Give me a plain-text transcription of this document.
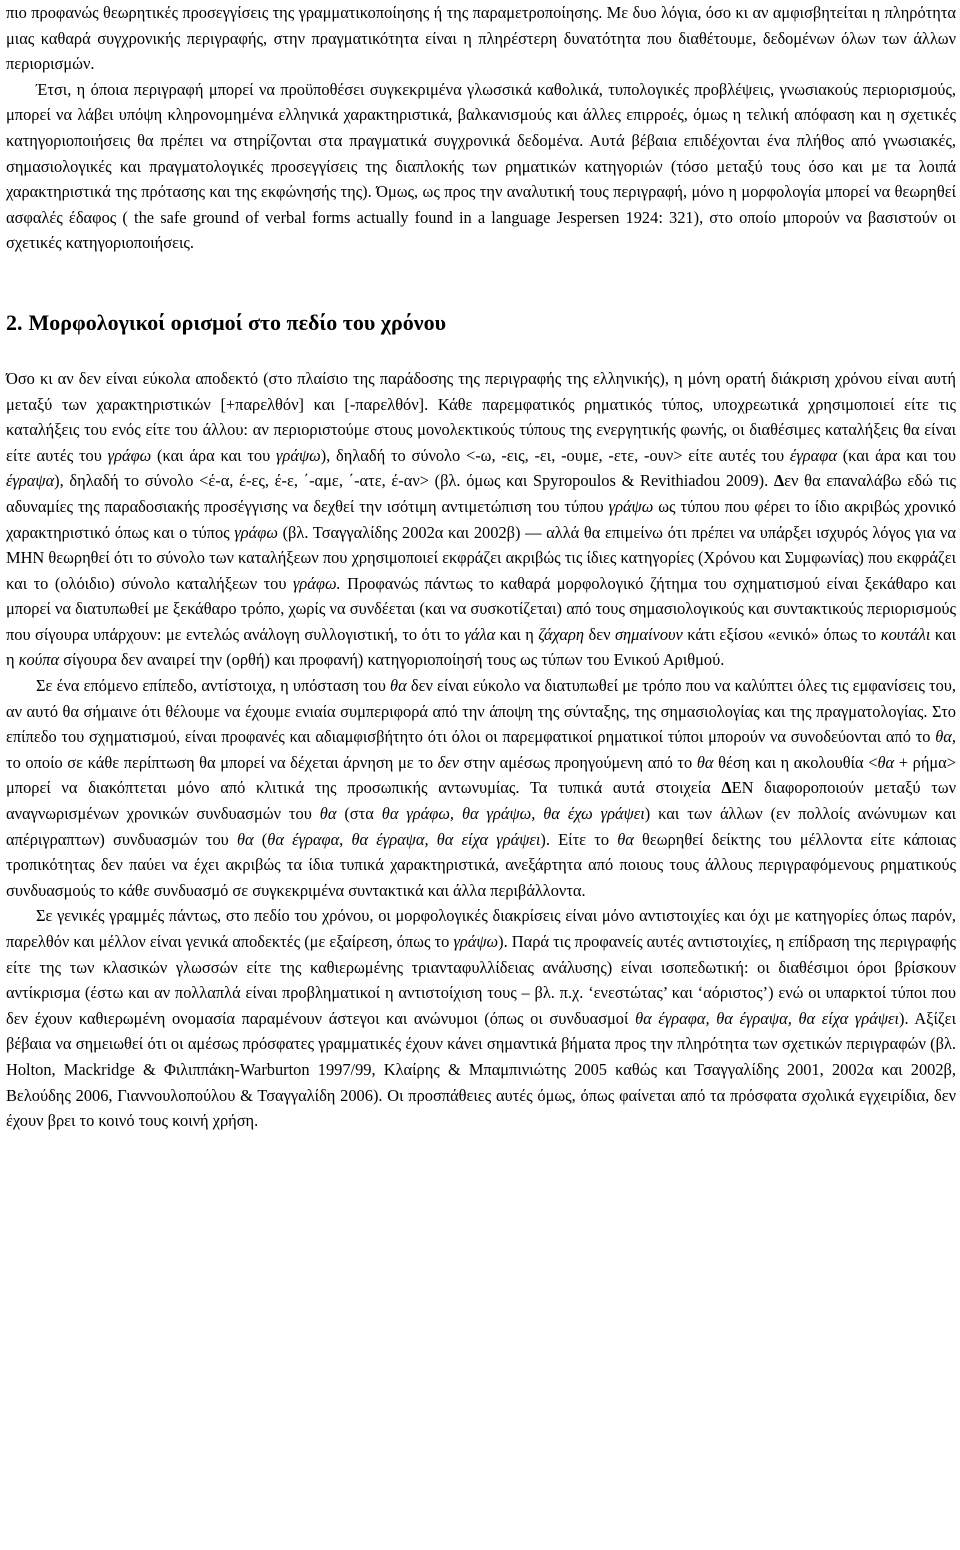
πιο προφανώς θεωρητικές προσεγγίσεις της γραμματικοποίησης ή της παραμετροποίησης. Με δυο λόγια, όσο κι αν αμφισβητείται η πληρότητα μιας καθαρά συγχρονικής περιγραφής, στην πραγματικότητα είναι η πληρέστερη δυνατότητα που διαθέτουμε, δεδομένων όλων των άλλων περιορισμών.

Έτσι, η όποια περιγραφή μπορεί να προϋποθέσει συγκεκριμένα γλωσσικά καθολικά, τυπολογικές προβλέψεις, γνωσιακούς περιορισμούς, μπορεί να λάβει υπόψη κληρονομημένα ελληνικά χαρακτηριστικά, βαλκανισμούς και άλλες επιρροές, όμως η τελική απόφαση και η σχετικές κατηγοριοποιήσεις θα πρέπει να στηρίζονται στα πραγματικά συγχρονικά δεδομένα. Αυτά βέβαια επιδέχονται ένα πλήθος από γνωσιακές, σημασιολογικές και πραγματολογικές προσεγγίσεις της διαπλοκής των ρηματικών κατηγοριών (τόσο μεταξύ τους όσο και με τα λοιπά χαρακτηριστικά της πρότασης και της εκφώνησής της). Όμως, ως προς την αναλυτική τους περιγραφή, μόνο η μορφολογία μπορεί να θεωρηθεί ασφαλές έδαφος ( the safe ground of verbal forms actually found in a language Jespersen 1924: 321), στο οποίο μπορούν να βασιστούν οι σχετικές κατηγοριοποιήσεις.

2. Μορφολογικοί ορισμοί στο πεδίο του χρόνου

Όσο κι αν δεν είναι εύκολα αποδεκτό (στο πλαίσιο της παράδοσης της περιγραφής της ελληνικής), η μόνη ορατή διάκριση χρόνου είναι αυτή μεταξύ των χαρακτηριστικών [+παρελθόν] και [-παρελθόν]. Κάθε παρεμφατικός ρηματικός τύπος, υποχρεωτικά χρησιμοποιεί είτε τις καταλήξεις του ενός είτε του άλλου: αν περιοριστούμε στους μονολεκτικούς τύπους της ενεργητικής φωνής, οι διαθέσιμες καταλήξεις θα είναι είτε αυτές του γράφω (και άρα και του γράψω), δηλαδή το σύνολο <-ω, -εις, -ει, -ουμε, -ετε, -ουν> είτε αυτές του έγραφα (και άρα και του έγραψα), δηλαδή το σύνολο <έ-α, έ-ες, έ-ε, ΄-αμε, ΄-ατε, έ-αν> (βλ. όμως και Spyropoulos & Revithiadou 2009). Δεν θα επαναλάβω εδώ τις αδυναμίες της παραδοσιακής προσέγγισης να δεχθεί την ισότιμη αντιμετώπιση του τύπου γράψω ως τύπου που φέρει το ίδιο ακριβώς χρονικό χαρακτηριστικό όπως και ο τύπος γράφω (βλ. Τσαγγαλίδης 2002α και 2002β) — αλλά θα επιμείνω ότι πρέπει να υπάρξει ισχυρός λόγος για να ΜΗΝ θεωρηθεί ότι το σύνολο των καταλήξεων που χρησιμοποιεί εκφράζει ακριβώς τις ίδιες κατηγορίες (Χρόνου και Συμφωνίας) που εκφράζει και το (ολόιδιο) σύνολο καταλήξεων του γράφω. Προφανώς πάντως το καθαρά μορφολογικό ζήτημα του σχηματισμού είναι ξεκάθαρο και μπορεί να διατυπωθεί με ξεκάθαρο τρόπο, χωρίς να συνδέεται (και να συσκοτίζεται) από τους σημασιολογικούς και συντακτικούς περιορισμούς που σίγουρα υπάρχουν: με εντελώς ανάλογη συλλογιστική, το ότι το γάλα και η ζάχαρη δεν σημαίνουν κάτι εξίσου «ενικό» όπως το κουτάλι και η κούπα σίγουρα δεν αναιρεί την (ορθή) και προφανή) κατηγοριοποίησή τους ως τύπων του Ενικού Αριθμού.

Σε ένα επόμενο επίπεδο, αντίστοιχα, η υπόσταση του θα δεν είναι εύκολο να διατυπωθεί με τρόπο που να καλύπτει όλες τις εμφανίσεις του, αν αυτό θα σήμαινε ότι θέλουμε να έχουμε ενιαία συμπεριφορά από την άποψη της σύνταξης, της σημασιολογίας και της πραγματολογίας. Στο επίπεδο του σχηματισμού, είναι προφανές και αδιαμφισβήτητο ότι όλοι οι παρεμφατικοί ρηματικοί τύποι μπορούν να συνοδεύονται από το θα, το οποίο σε κάθε περίπτωση θα μπορεί να δέχεται άρνηση με το δεν στην αμέσως προηγούμενη από το θα θέση και η ακολουθία <θα + ρήμα> μπορεί να διακόπτεται μόνο από κλιτικά της προσωπικής αντωνυμίας. Τα τυπικά αυτά στοιχεία ΔΕΝ διαφοροποιούν μεταξύ των αναγνωρισμένων χρονικών συνδυασμών του θα (στα θα γράφω, θα γράψω, θα έχω γράψει) και των άλλων (εν πολλοίς ανώνυμων και απέριγραπτων) συνδυασμών του θα (θα έγραφα, θα έγραψα, θα είχα γράψει). Είτε το θα θεωρηθεί δείκτης του μέλλοντα είτε κάποιας τροπικότητας δεν παύει να έχει ακριβώς τα ίδια τυπικά χαρακτηριστικά, ανεξάρτητα από ποιους τους άλλους περιγραφόμενους ρηματικούς συνδυασμούς το κάθε συνδυασμό σε συγκεκριμένα συντακτικά και άλλα περιβάλλοντα.

Σε γενικές γραμμές πάντως, στο πεδίο του χρόνου, οι μορφολογικές διακρίσεις είναι μόνο αντιστοιχίες και όχι με κατηγορίες όπως παρόν, παρελθόν και μέλλον είναι γενικά αποδεκτές (με εξαίρεση, όπως το γράψω). Παρά τις προφανείς αυτές αντιστοιχίες, η επίδραση της περιγραφής είτε της των κλασικών γλωσσών είτε της καθιερωμένης τριανταφυλλίδειας ανάλυσης) είναι ισοπεδωτική: οι διαθέσιμοι όροι βρίσκουν αντίκρισμα (έστω και αν πολλαπλά είναι προβληματικοί η αντιστοίχιση τους – βλ. π.χ. ‘ενεστώτας’ και ‘αόριστος’) ενώ οι υπαρκτοί τύποι που δεν έχουν καθιερωμένη ονομασία παραμένουν άστεγοι και ανώνυμοι (όπως οι συνδυασμοί θα έγραφα, θα έγραψα, θα είχα γράψει). Αξίζει βέβαια να σημειωθεί ότι οι αμέσως πρόσφατες γραμματικές έχουν κάνει σημαντικά βήματα προς την πληρότητα των σχετικών περιγραφών (βλ. Holton, Mackridge & Φιλιππάκη-Warburton 1997/99, Κλαίρης & Μπαμπινιώτης 2005 καθώς και Τσαγγαλίδης 2001, 2002α και 2002β, Βελούδης 2006, Γιαννουλοπούλου & Τσαγγαλίδη 2006). Οι προσπάθειες αυτές όμως, όπως φαίνεται από τα πρόσφατα σχολικά εγχειρίδια, δεν έχουν βρει το κοινό τους κοινή χρήση.
